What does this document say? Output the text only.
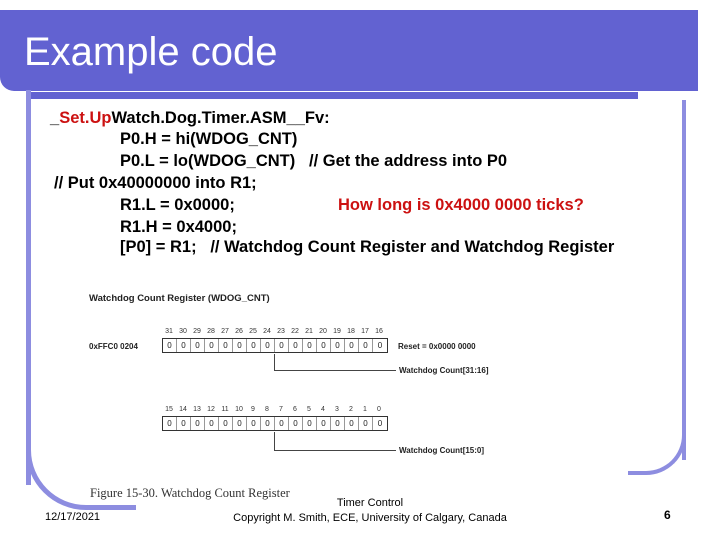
Example code
_Set.UpWatch.Dog.Timer.ASM__Fv:
P0.H = hi(WDOG_CNT)
P0.L = lo(WDOG_CNT)   // Get the address into P0
// Put 0x40000000 into R1;
R1.L = 0x0000;	How long is 0x4000 0000 ticks?
R1.H = 0x4000;
[P0] = R1;   // Watchdog Count Register and Watchdog Register
Watchdog Count Register (WDOG_CNT)
0xFFC0 0204
31 30 29 28 27 26 25 24 23 22 21 20 19 18 17 16
0	0	0	0	0	0	0	0	0	0	0	0	0	0	0	0	Reset = 0x0000 0000
Watchdog Count[31:16]
15 14 13 12 11 10	9	8	7	6	5	4	3	2	1	0
0	0	0	0	0	0	0	0	0	0	0	0	0	0	0	0
Watchdog Count[15:0]
Figure 15-30. Watchdog Count Register
12/17/2021
Timer Control
Copyright M. Smith, ECE, University of Calgary, Canada	6
